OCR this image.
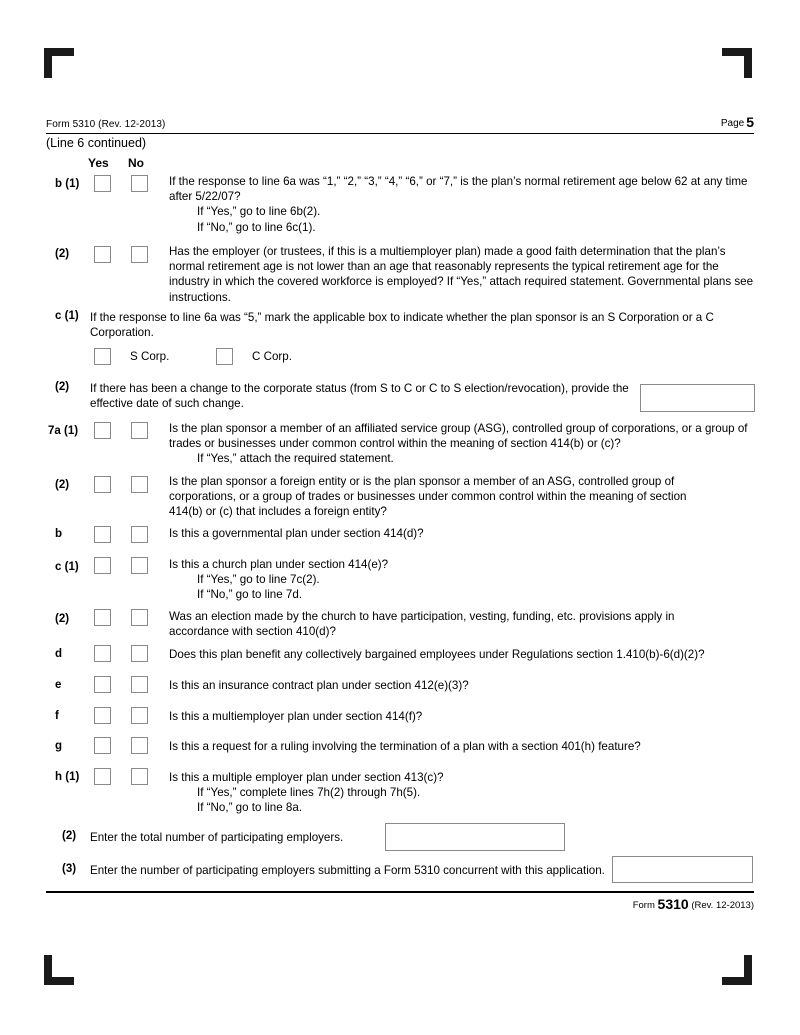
Form 5310 (Rev. 12-2013)	Page 5
(Line 6 continued)
Yes No
b (1)	If the response to line 6a was “1,” “2,” “3,” “4,” “6,” or “7,” is the plan’s normal retirement age below 62 at any time after 5/22/07?
If “Yes,” go to line 6b(2).
If “No,” go to line 6c(1).
(2)	Has the employer (or trustees, if this is a multiemployer plan) made a good faith determination that the plan’s normal retirement age is not lower than an age that reasonably represents the typical retirement age for the industry in which the covered workforce is employed? If “Yes,” attach required statement. Governmental plans see instructions.
c (1) If the response to line 6a was “5,” mark the applicable box to indicate whether the plan sponsor is an S Corporation or a C Corporation.
S Corp.	C Corp.
(2) If there has been a change to the corporate status (from S to C or C to S election/revocation), provide the effective date of such change.
7a (1)	Is the plan sponsor a member of an affiliated service group (ASG), controlled group of corporations, or a group of trades or businesses under common control within the meaning of section 414(b) or (c)?
If “Yes,” attach the required statement.
(2)	Is the plan sponsor a foreign entity or is the plan sponsor a member of an ASG, controlled group of corporations, or a group of trades or businesses under common control within the meaning of section 414(b) or (c) that includes a foreign entity?
b	Is this a governmental plan under section 414(d)?
c (1)	Is this a church plan under section 414(e)?
If “Yes,” go to line 7c(2).
If “No,” go to line 7d.
(2)	Was an election made by the church to have participation, vesting, funding, etc. provisions apply in accordance with section 410(d)?
d	Does this plan benefit any collectively bargained employees under Regulations section 1.410(b)-6(d)(2)?
e	Is this an insurance contract plan under section 412(e)(3)?
f	Is this a multiemployer plan under section 414(f)?
g	Is this a request for a ruling involving the termination of a plan with a section 401(h) feature?
h (1)	Is this a multiple employer plan under section 413(c)?
If “Yes,” complete lines 7h(2) through 7h(5).
If “No,” go to line 8a.
(2) Enter the total number of participating employers.
(3) Enter the number of participating employers submitting a Form 5310 concurrent with this application.
Form 5310 (Rev. 12-2013)
